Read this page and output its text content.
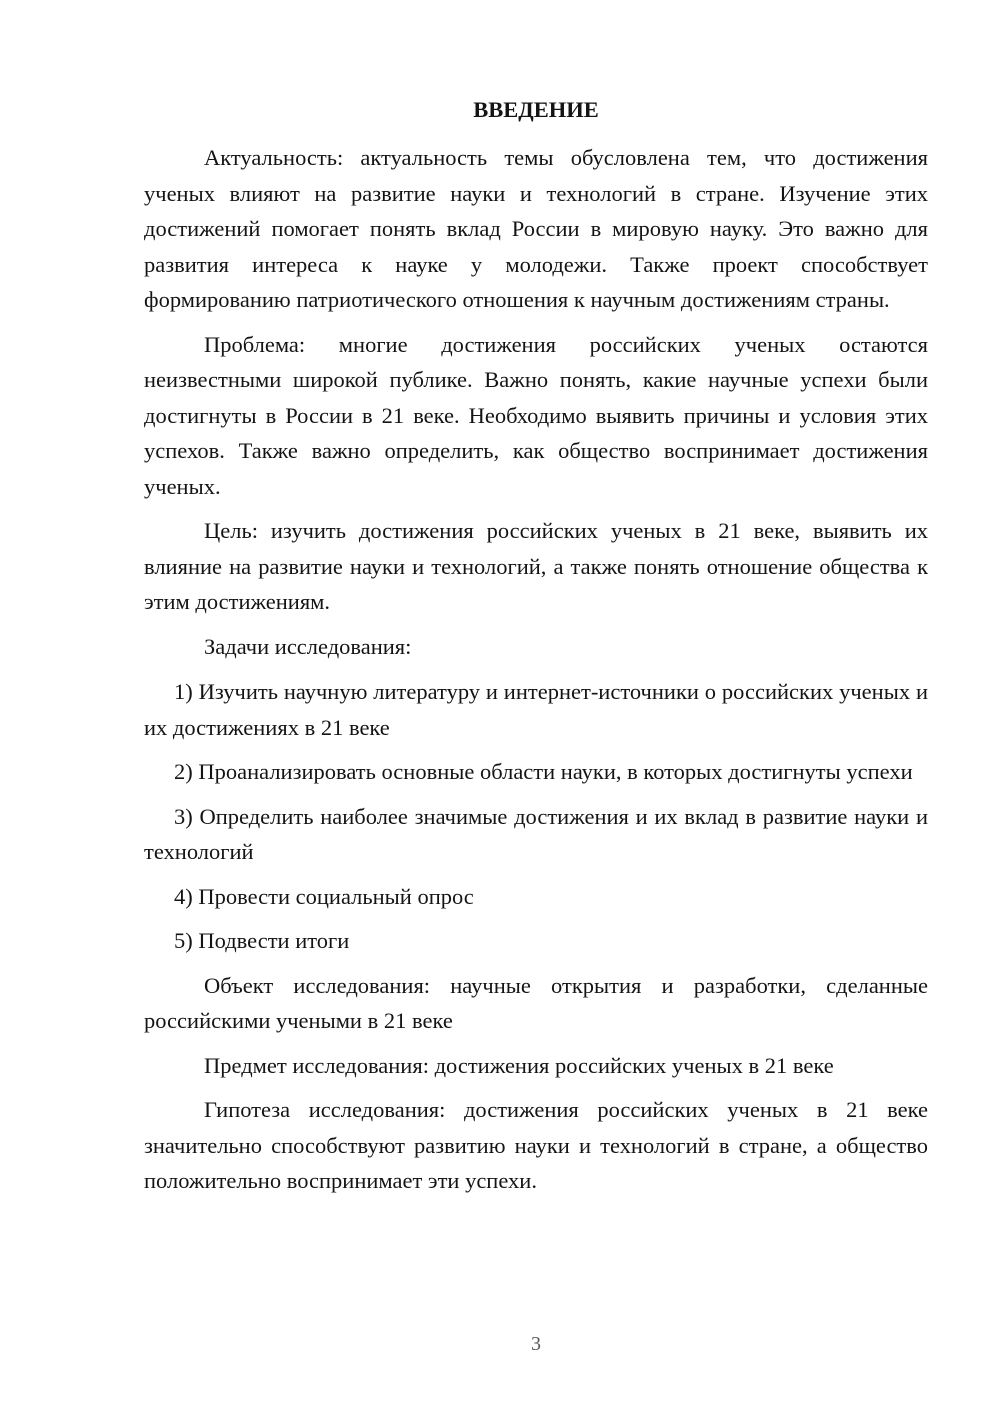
ВВЕДЕНИЕ

Актуальность: актуальность темы обусловлена тем, что достижения ученых влияют на развитие науки и технологий в стране. Изучение этих достижений помогает понять вклад России в мировую науку. Это важно для развития интереса к науке у молодежи. Также проект способствует формированию патриотического отношения к научным достижениям страны.

Проблема: многие достижения российских ученых остаются неизвестными широкой публике. Важно понять, какие научные успехи были достигнуты в России в 21 веке. Необходимо выявить причины и условия этих успехов. Также важно определить, как общество воспринимает достижения ученых.

Цель: изучить достижения российских ученых в 21 веке, выявить их влияние на развитие науки и технологий, а также понять отношение общества к этим достижениям.

Задачи исследования:

1) Изучить научную литературу и интернет-источники о российских ученых и их достижениях в 21 веке

2) Проанализировать основные области науки, в которых достигнуты успехи

3) Определить наиболее значимые достижения и их вклад в развитие науки и технологий

4) Провести социальный опрос

5) Подвести итоги

Объект исследования: научные открытия и разработки, сделанные российскими учеными в 21 веке

Предмет исследования: достижения российских ученых в 21 веке

Гипотеза исследования: достижения российских ученых в 21 веке значительно способствуют развитию науки и технологий в стране, а общество положительно воспринимает эти успехи.

3
